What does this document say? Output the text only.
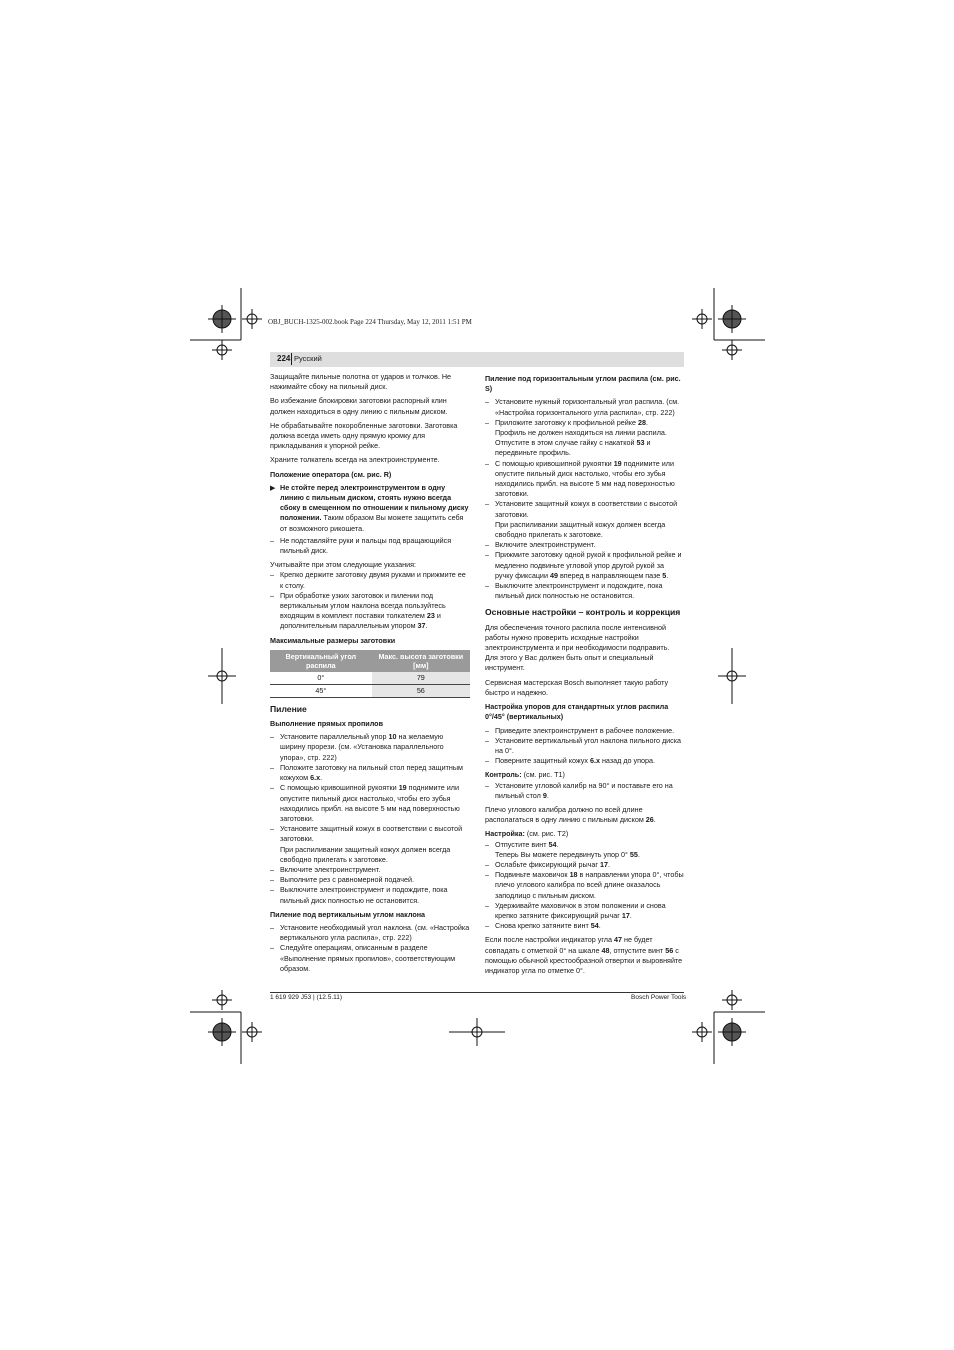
OBJ_BUCH-1325-002.book Page 224 Thursday, May 12, 2011 1:51 PM
224 Русский

Защищайте пильные полотна от ударов и толчков. Не нажимайте сбоку на пильный диск.

Во избежание блокировки заготовки распорный клин должен находиться в одну линию с пильным диском.

Не обрабатывайте покоробленные заготовки. Заготовка должна всегда иметь одну прямую кромку для прикладывания к упорной рейке.

Храните толкатель всегда на электроинструменте.

Положение оператора (см. рис. R)
▶ Не стойте перед электроинструментом в одну линию с пильным диском, стоять нужно всегда сбоку в смещенном по отношении к пильному диску положении. Таким образом Вы можете защитить себя от возможного рикошета.
– Не подставляйте руки и пальцы под вращающийся пильный диск.
Учитывайте при этом следующие указания:
– Крепко держите заготовку двумя руками и прижмите ее к столу.
– При обработке узких заготовок и пилении под вертикальным углом наклона всегда пользуйтесь входящим в комплект поставки толкателем 23 и дополнительным параллельным упором 37.
Максимальные размеры заготовки
Вертикальный угол распила	Макс. высота заготовки [мм]
0°	79
45°	56
Пиление
Выполнение прямых пропилов
– Установите параллельный упор 10 на желаемую ширину прорези. (см. «Установка параллельного упора», стр. 222)
– Положите заготовку на пильный стол перед защитным кожухом 6.х.
– С помощью кривошипной рукоятки 19 поднимите или опустите пильный диск настолько, чтобы его зубья находились прибл. на высоте 5 мм над поверхностью заготовки.
– Установите защитный кожух в соответствии с высотой заготовки.
При распиливании защитный кожух должен всегда свободно прилегать к заготовке.
– Включите электроинструмент.
– Выполните рез с равномерной подачей.
– Выключите электроинструмент и подождите, пока пильный диск полностью не остановится.
Пиление под вертикальным углом наклона
– Установите необходимый угол наклона. (см. «Настройка вертикального угла распила», стр. 222)
– Следуйте операциям, описанным в разделе «Выполнение прямых пропилов», соответствующим образом.
Пиление под горизонтальным углом распила (см. рис. S)
– Установите нужный горизонтальный угол распила. (см. «Настройка горизонтального угла распила», стр. 222)
– Приложите заготовку к профильной рейке 28.
Профиль не должен находиться на линии распила. Отпустите в этом случае гайку с накаткой 53 и передвиньте профиль.
– С помощью кривошипной рукоятки 19 поднимите или опустите пильный диск настолько, чтобы его зубья находились прибл. на высоте 5 мм над поверхностью заготовки.
– Установите защитный кожух в соответствии с высотой заготовки.
При распиливании защитный кожух должен всегда свободно прилегать к заготовке.
– Включите электроинструмент.
– Прижмите заготовку одной рукой к профильной рейке и медленно подвиньте угловой упор другой рукой за ручку фиксации 49 вперед в направляющем пазе 5.
– Выключите электроинструмент и подождите, пока пильный диск полностью не остановится.
Основные настройки – контроль и коррекция

Для обеспечения точного распила после интенсивной работы нужно проверить исходные настройки электроинструмента и при необходимости подправить. Для этого у Вас должен быть опыт и специальный инструмент.

Сервисная мастерская Bosch выполняет такую работу быстро и надежно.

Настройка упоров для стандартных углов распила 0°/45° (вертикальных)
– Приведите электроинструмент в рабочее положение.
– Установите вертикальный угол наклона пильного диска на 0°.
– Поверните защитный кожух 6.х назад до упора.
Контроль: (см. рис. T1)
– Установите угловой калибр на 90° и поставьте его на пильный стол 9.

Плечо углового калибра должно по всей длине располагаться в одну линию с пильным диском 26.

Настройка: (см. рис. T2)
– Отпустите винт 54.
Теперь Вы можете передвинуть упор 0° 55.
– Ослабьте фиксирующий рычаг 17.
– Подвиньте маховичок 18 в направлении упора 0°, чтобы плечо углового калибра по всей длине оказалось заподлицо с пильным диском.
– Удерживайте маховичок в этом положении и снова крепко затяните фиксирующий рычаг 17.
– Снова крепко затяните винт 54.

Если после настройки индикатор угла 47 не будет совпадать с отметкой 0° на шкале 48, отпустите винт 56 с помощью обычной крестообразной отвертки и выровняйте индикатор угла по отметке 0°.

1 619 929 J53 | (12.5.11)	Bosch Power Tools
